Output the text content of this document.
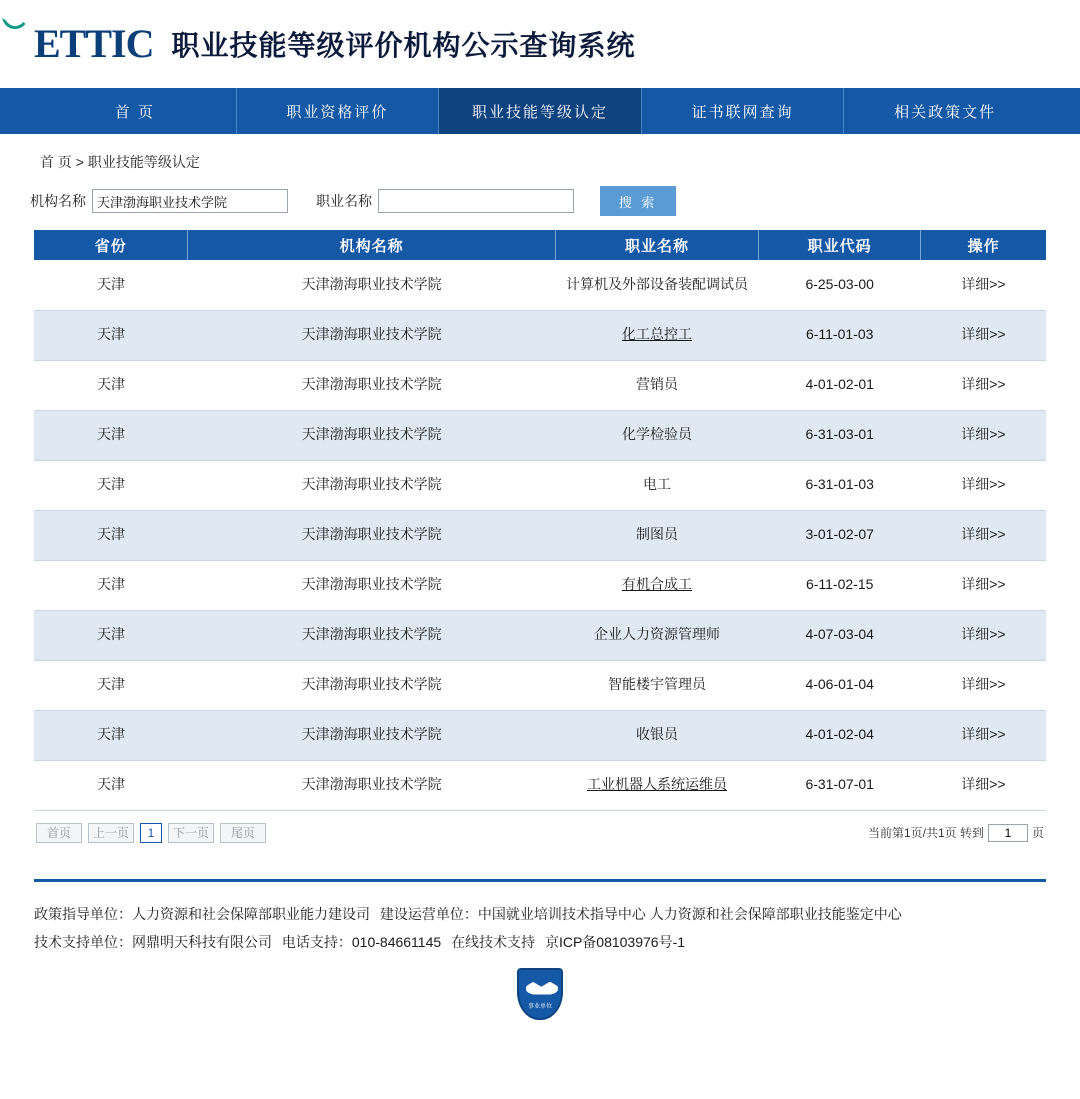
ETTIC 职业技能等级评价机构公示查询系统
首 页	职业资格评价	职业技能等级认定	证书联网查询	相关政策文件
首 页 > 职业技能等级认定
机构名称
天津渤海职业技术学院	职业名称	搜 索
省份	机构名称	职业名称	职业代码	操作
天津	天津渤海职业技术学院	计算机及外部设备装配调试员	6-25-03-00	详细>>
天津	天津渤海职业技术学院	化工总控工	6-11-01-03	详细>>
天津	天津渤海职业技术学院	营销员	4-01-02-01	详细>>
天津	天津渤海职业技术学院	化学检验员	6-31-03-01	详细>>
天津	天津渤海职业技术学院	电工	6-31-01-03	详细>>
天津	天津渤海职业技术学院	制图员	3-01-02-07	详细>>
天津	天津渤海职业技术学院	有机合成工	6-11-02-15	详细>>
天津	天津渤海职业技术学院	企业人力资源管理师	4-07-03-04	详细>>
天津	天津渤海职业技术学院	智能楼宇管理员	4-06-01-04	详细>>
天津	天津渤海职业技术学院	收银员	4-01-02-04	详细>>
天津	天津渤海职业技术学院	工业机器人系统运维员	6-31-07-01	详细>>
首页	上一页	1	下一页	尾页	当前第1页/共1页 转到
1	页
政策指导单位：人力资源和社会保障部职业能力建设司 建设运营单位：中国就业培训技术指导中心 人力资源和社会保障部职业技能鉴定中心
技术支持单位：网鼎明天科技有限公司 电话支持：010-84661145 在线技术支持 京ICP备08103976号-1
事业单位
